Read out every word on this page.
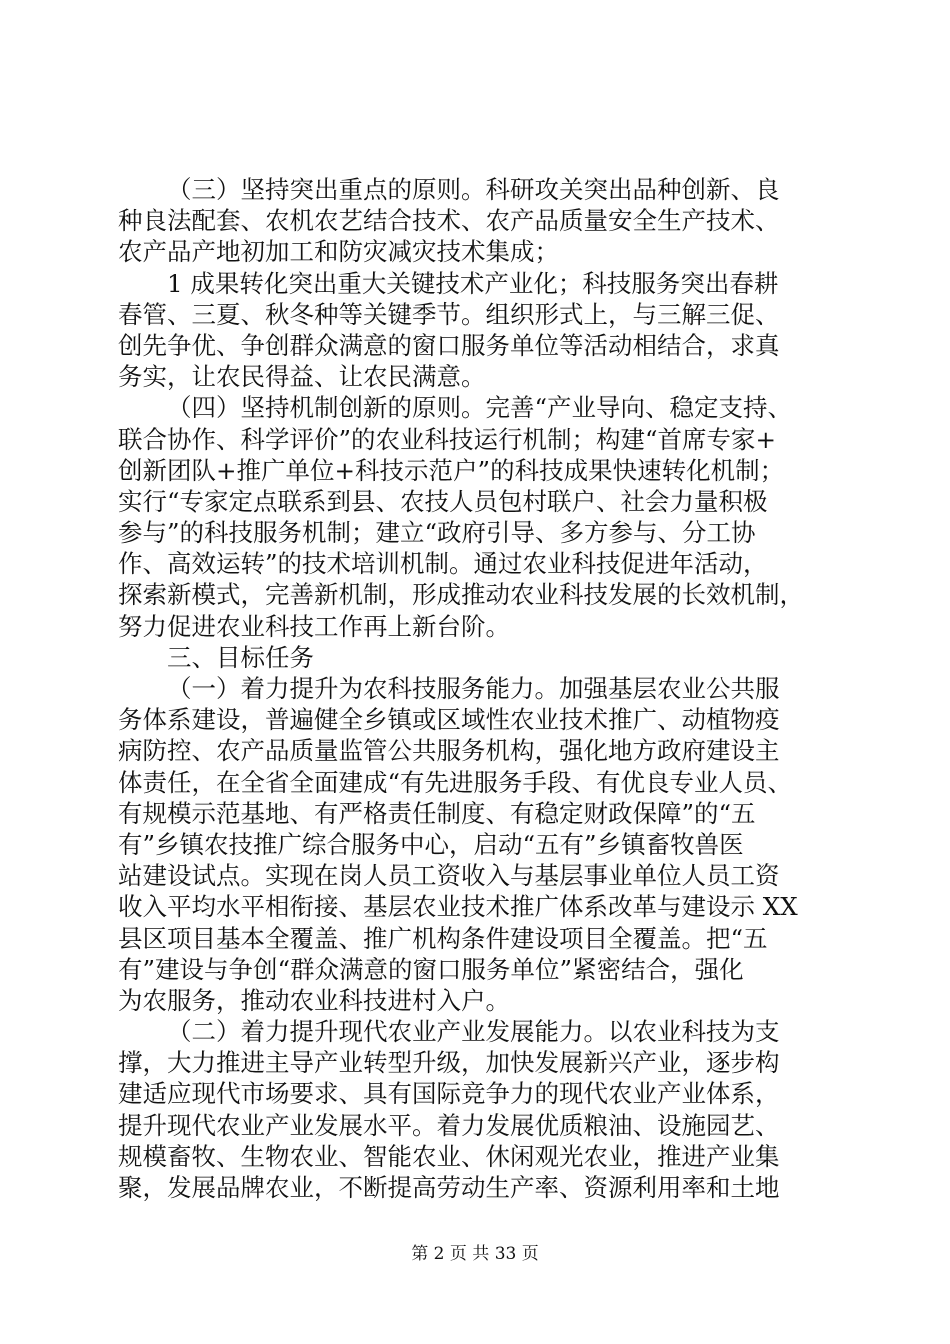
（三）坚持突出重点的原则。科研攻关突出品种创新、良
种良法配套、农机农艺结合技术、农产品质量安全生产技术、
农产品产地初加工和防灾减灾技术集成；
1 成果转化突出重大关键技术产业化；科技服务突出春耕
春管、三夏、秋冬种等关键季节。组织形式上，与三解三促、
创先争优、争创群众满意的窗口服务单位等活动相结合，求真
务实，让农民得益、让农民满意。
（四）坚持机制创新的原则。完善“产业导向、稳定支持、
联合协作、科学评价”的农业科技运行机制；构建“首席专家+
创新团队+推广单位+科技示范户”的科技成果快速转化机制；
实行“专家定点联系到县、农技人员包村联户、社会力量积极
参与”的科技服务机制；建立“政府引导、多方参与、分工协
作、高效运转”的技术培训机制。通过农业科技促进年活动，
探索新模式，完善新机制，形成推动农业科技发展的长效机制，
努力促进农业科技工作再上新台阶。
三、目标任务
（一）着力提升为农科技服务能力。加强基层农业公共服
务体系建设，普遍健全乡镇或区域性农业技术推广、动植物疫
病防控、农产品质量监管公共服务机构，强化地方政府建设主
体责任，在全省全面建成“有先进服务手段、有优良专业人员、
有规模示范基地、有严格责任制度、有稳定财政保障”的“五
有”乡镇农技推广综合服务中心，启动“五有”乡镇畜牧兽医
站建设试点。实现在岗人员工资收入与基层事业单位人员工资
收入平均水平相衔接、基层农业技术推广体系改革与建设示 XX
县区项目基本全覆盖、推广机构条件建设项目全覆盖。把“五
有”建设与争创“群众满意的窗口服务单位”紧密结合，强化
为农服务，推动农业科技进村入户。
（二）着力提升现代农业产业发展能力。以农业科技为支
撑，大力推进主导产业转型升级，加快发展新兴产业，逐步构
建适应现代市场要求、具有国际竞争力的现代农业产业体系，
提升现代农业产业发展水平。着力发展优质粮油、设施园艺、
规模畜牧、生物农业、智能农业、休闲观光农业，推进产业集
聚，发展品牌农业，不断提高劳动生产率、资源利用率和土地
第 2 页 共 33 页
